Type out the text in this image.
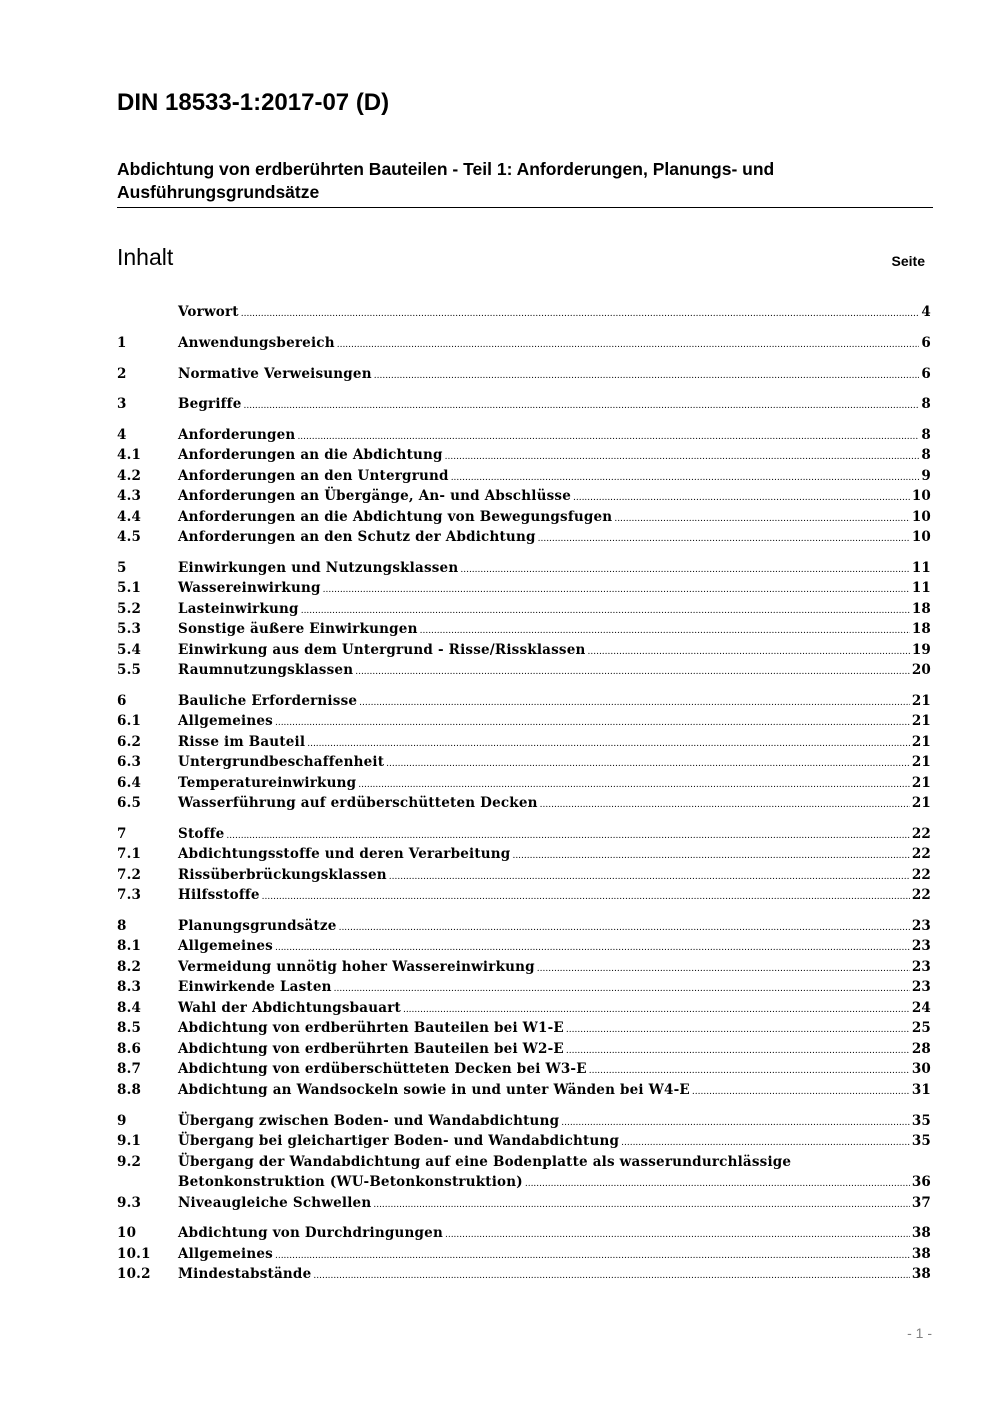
DIN 18533-1:2017-07 (D)
Abdichtung von erdberührten Bauteilen - Teil 1: Anforderungen, Planungs- und Ausführungsgrundsätze
Inhalt	Seite
Vorwort .....	4
1	Anwendungsbereich .....	6
2	Normative Verweisungen .....	6
3	Begriffe .....	8
4	Anforderungen .....	8
4.1	Anforderungen an die Abdichtung .....	8
4.2	Anforderungen an den Untergrund .....	9
4.3	Anforderungen an Übergänge, An- und Abschlüsse .....	10
4.4	Anforderungen an die Abdichtung von Bewegungsfugen .....	10
4.5	Anforderungen an den Schutz der Abdichtung .....	10
5	Einwirkungen und Nutzungsklassen .....	11
5.1	Wassereinwirkung .....	11
5.2	Lasteinwirkung .....	18
5.3	Sonstige äußere Einwirkungen .....	18
5.4	Einwirkung aus dem Untergrund - Risse/Rissklassen .....	19
5.5	Raumnutzungsklassen .....	20
6	Bauliche Erfordernisse .....	21
6.1	Allgemeines .....	21
6.2	Risse im Bauteil .....	21
6.3	Untergrundbeschaffenheit .....	21
6.4	Temperatureinwirkung .....	21
6.5	Wasserführung auf erdüberschütteten Decken .....	21
7	Stoffe .....	22
7.1	Abdichtungsstoffe und deren Verarbeitung .....	22
7.2	Rissüberbrückungsklassen .....	22
7.3	Hilfsstoffe .....	22
8	Planungsgrundsätze .....	23
8.1	Allgemeines .....	23
8.2	Vermeidung unnötig hoher Wassereinwirkung .....	23
8.3	Einwirkende Lasten .....	23
8.4	Wahl der Abdichtungsbauart .....	24
8.5	Abdichtung von erdberührten Bauteilen bei W1-E .....	25
8.6	Abdichtung von erdberührten Bauteilen bei W2-E .....	28
8.7	Abdichtung von erdüberschütteten Decken bei W3-E .....	30
8.8	Abdichtung an Wandsockeln sowie in und unter Wänden bei W4-E .....	31
9	Übergang zwischen Boden- und Wandabdichtung .....	35
9.1	Übergang bei gleichartiger Boden- und Wandabdichtung .....	35
9.2	Übergang der Wandabdichtung auf eine Bodenplatte als wasserundurchlässige
Betonkonstruktion (WU-Betonkonstruktion) .....	36
9.3	Niveaugleiche Schwellen .....	37
10	Abdichtung von Durchdringungen .....	38
10.1	Allgemeines .....	38
10.2	Mindestabstände .....	38
- 1 -
